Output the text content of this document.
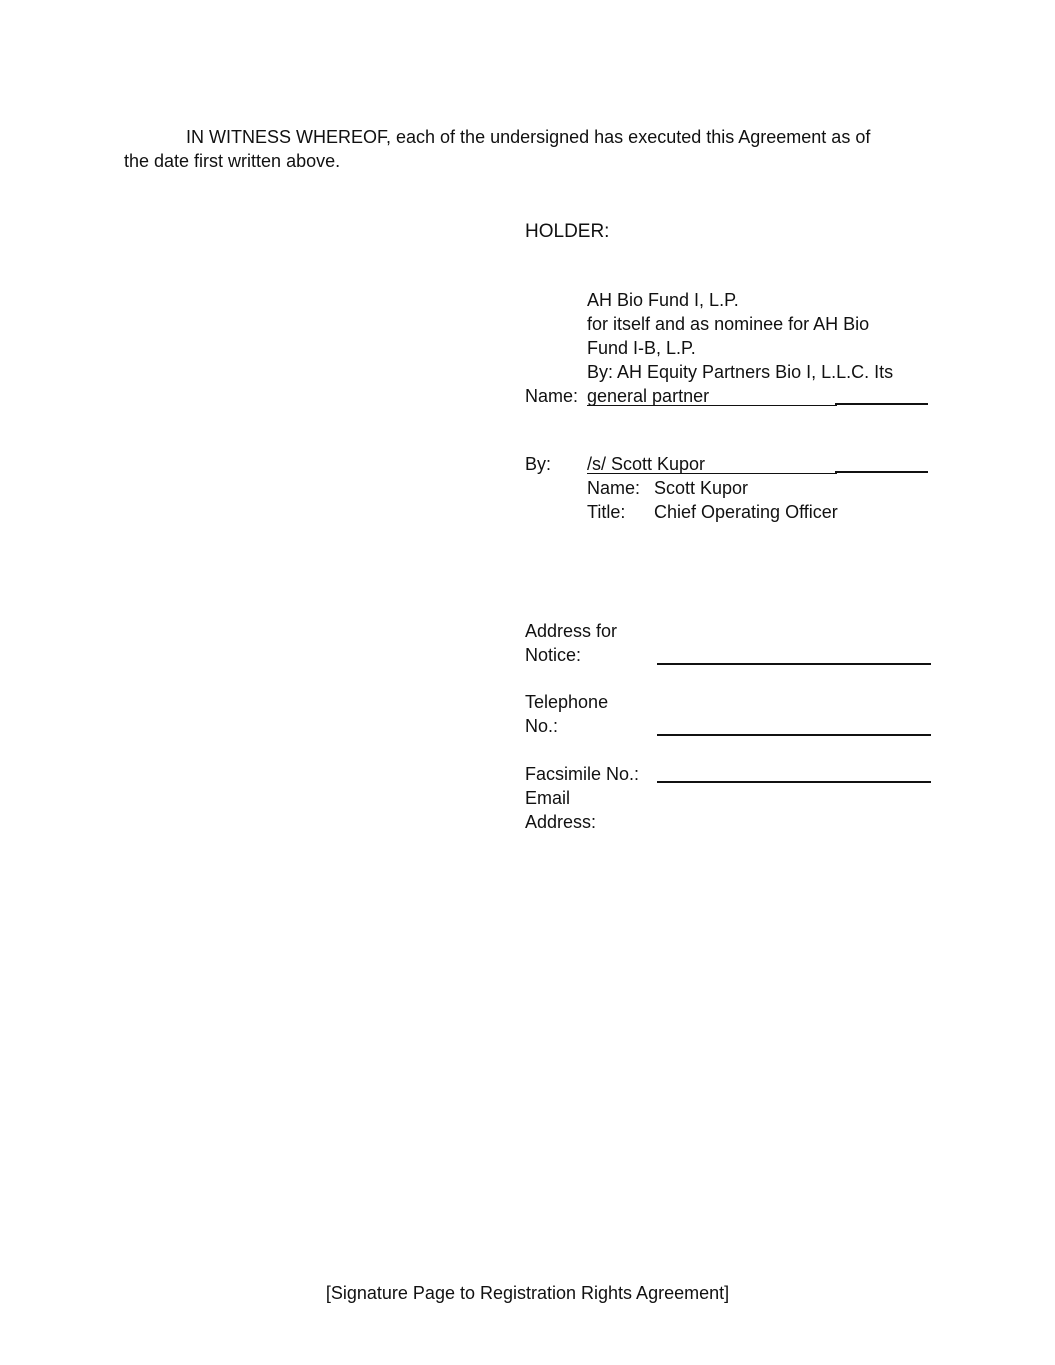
IN WITNESS WHEREOF, each of the undersigned has executed this Agreement as of
the date first written above.
HOLDER:
AH Bio Fund I, L.P.
for itself and as nominee for AH Bio
Fund I-B, L.P.
By: AH Equity Partners Bio I, L.L.C. Its
Name: general partner
By: /s/ Scott Kupor
Name: Scott Kupor
Title: Chief Operating Officer
Address for
Notice:
Telephone
No.:
Facsimile No.:
Email
Address:
[Signature Page to Registration Rights Agreement]
